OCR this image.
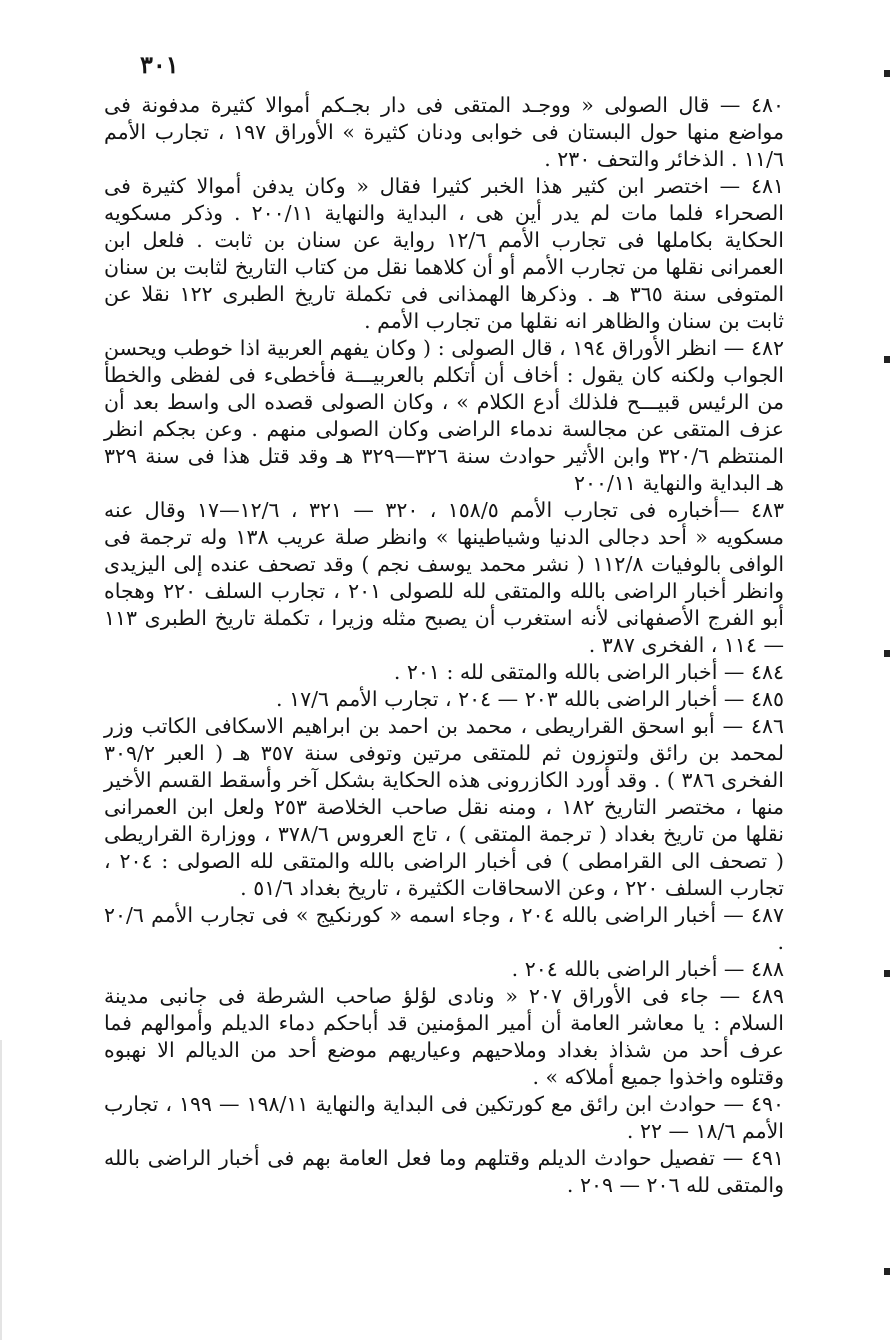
٣٠١

٤٨٠ — قال الصولى « ووجـد المتقى فى دار بجـكم أموالا كثيرة مدفونة فى مواضع منها حول البستان فى خوابى ودنان كثيرة » الأوراق ١٩٧ ، تجارب الأمم ١١/٦ . الذخائر والتحف ٢٣٠ .

٤٨١ — اختصر ابن كثير هذا الخبر كثيرا فقال « وكان يدفن أموالا كثيرة فى الصحراء فلما مات لم يدر أين هى ، البداية والنهاية ٢٠٠/١١ . وذكر مسكويه الحكاية بكاملها فى تجارب الأمم ١٢/٦ رواية عن سنان بن ثابت . فلعل ابن العمرانى نقلها من تجارب الأمم أو أن كلاهما نقل من كتاب التاريخ لثابت بن سنان المتوفى سنة ٣٦٥ هـ . وذكرها الهمذانى فى تكملة تاريخ الطبرى ١٢٢ نقلا عن ثابت بن سنان والظاهر انه نقلها من تجارب الأمم .

٤٨٢ — انظر الأوراق ١٩٤ ، قال الصولى : ( وكان يفهم العربية اذا خوطب ويحسن الجواب ولكنه كان يقول : أخاف أن أتكلم بالعربيـــة فأخطىء فى لفظى والخطأ من الرئيس قبيـــح فلذلك أدع الكلام » ، وكان الصولى قصده الى واسط بعد أن عزف المتقى عن مجالسة ندماء الراضى وكان الصولى منهم . وعن بجكم انظر المنتظم ٣٢٠/٦ وابن الأثير حوادث سنة ٣٢٦—٣٢٩ هـ وقد قتل هذا فى سنة ٣٢٩ هـ البداية والنهاية ٢٠٠/١١

٤٨٣ —أخباره فى تجارب الأمم ١٥٨/٥ ، ٣٢٠ — ٣٢١ ، ١٢/٦—١٧ وقال عنه مسكويه « أحد دجالى الدنيا وشياطينها » وانظر صلة عريب ١٣٨ وله ترجمة فى الوافى بالوفيات ١١٢/٨ ( نشر محمد يوسف نجم ) وقد تصحف عنده إلى اليزيدى وانظر أخبار الراضى بالله والمتقى لله للصولى ٢٠١ ، تجارب السلف ٢٢٠ وهجاه أبو الفرج الأصفهانى لأنه استغرب أن يصبح مثله وزيرا ، تكملة تاريخ الطبرى ١١٣ — ١١٤ ، الفخرى ٣٨٧ .

٤٨٤ — أخبار الراضى بالله والمتقى لله : ٢٠١ .

٤٨٥ — أخبار الراضى بالله ٢٠٣ — ٢٠٤ ، تجارب الأمم ١٧/٦ .

٤٨٦ — أبو اسحق القراريطى ، محمد بن احمد بن ابراهيم الاسكافى الكاتب وزر لمحمد بن رائق ولتوزون ثم للمتقى مرتين وتوفى سنة ٣٥٧ هـ ( العبر ٣٠٩/٢ الفخرى ٣٨٦ ) . وقد أورد الكازرونى هذه الحكاية بشكل آخر وأسقط القسم الأخير منها ، مختصر التاريخ ١٨٢ ، ومنه نقل صاحب الخلاصة ٢٥٣ ولعل ابن العمرانى نقلها من تاريخ بغداد ( ترجمة المتقى ) ، تاج العروس ٣٧٨/٦ ، ووزارة القراريطى ( تصحف الى القرامطى ) فى أخبار الراضى بالله والمتقى لله الصولى : ٢٠٤ ، تجارب السلف ٢٢٠ ، وعن الاسحاقات الكثيرة ، تاريخ بغداد ٥١/٦ .

٤٨٧ — أخبار الراضى بالله ٢٠٤ ، وجاء اسمه « كورنكيج » فى تجارب الأمم ٢٠/٦ .

٤٨٨ — أخبار الراضى بالله ٢٠٤ .

٤٨٩ — جاء فى الأوراق ٢٠٧ « ونادى لؤلؤ صاحب الشرطة فى جانبى مدينة السلام : يا معاشر العامة أن أمير المؤمنين قد أباحكم دماء الديلم وأموالهم فما عرف أحد من شذاذ بغداد وملاحيهم وعياريهم موضع أحد من الديالم الا نهبوه وقتلوه واخذوا جميع أملاكه » .

٤٩٠ — حوادث ابن رائق مع كورتكين فى البداية والنهاية ١٩٨/١١ — ١٩٩ ، تجارب الأمم ١٨/٦ — ٢٢ .

٤٩١ — تفصيل حوادث الديلم وقتلهم وما فعل العامة بهم فى أخبار الراضى بالله والمتقى لله ٢٠٦ — ٢٠٩ .
